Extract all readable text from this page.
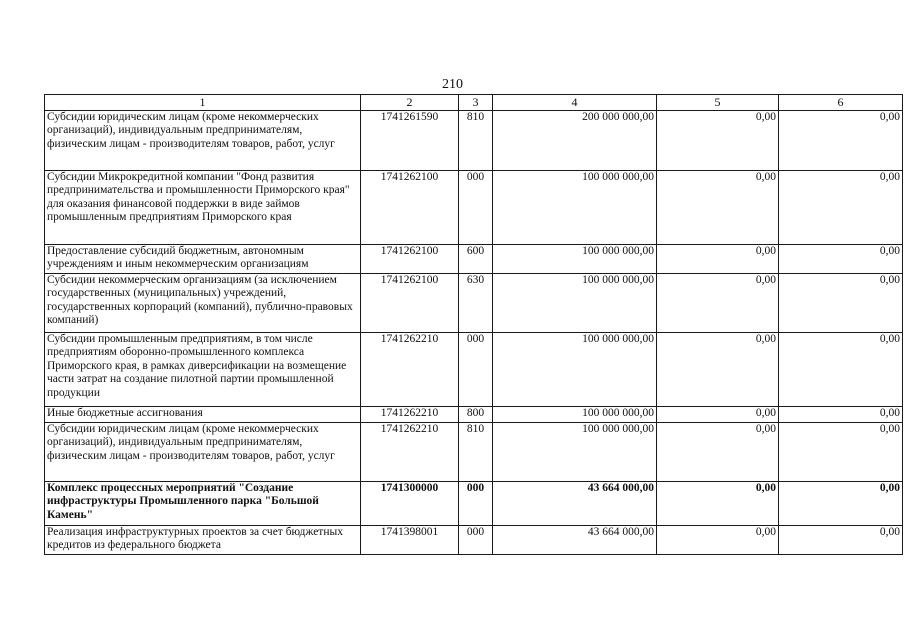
210
1	2	3	4	5	6
Субсидии юридическим лицам (кроме некоммерческих организаций), индивидуальным предпринимателям, физическим лицам - производителям товаров, работ, услуг	1741261590	810	200 000 000,00	0,00	0,00
Субсидии Микрокредитной компании "Фонд развития предпринимательства и промышленности Приморского края" для оказания финансовой поддержки в виде займов промышленным предприятиям Приморского края	1741262100	000	100 000 000,00	0,00	0,00
Предоставление субсидий бюджетным, автономным учреждениям и иным некоммерческим организациям	1741262100	600	100 000 000,00	0,00	0,00
Субсидии некоммерческим организациям (за исключением государственных (муниципальных) учреждений, государственных корпораций (компаний), публично-правовых компаний)	1741262100	630	100 000 000,00	0,00	0,00
Субсидии промышленным предприятиям, в том числе предприятиям оборонно-промышленного комплекса Приморского края, в рамках диверсификации на возмещение части затрат на создание пилотной партии промышленной продукции	1741262210	000	100 000 000,00	0,00	0,00
Иные бюджетные ассигнования	1741262210	800	100 000 000,00	0,00	0,00
Субсидии юридическим лицам (кроме некоммерческих организаций), индивидуальным предпринимателям, физическим лицам - производителям товаров, работ, услуг	1741262210	810	100 000 000,00	0,00	0,00
Комплекс процессных мероприятий "Создание инфраструктуры Промышленного парка "Большой Камень"	1741300000	000	43 664 000,00	0,00	0,00
Реализация инфраструктурных проектов за счет бюджетных кредитов из федерального бюджета	1741398001	000	43 664 000,00	0,00	0,00
